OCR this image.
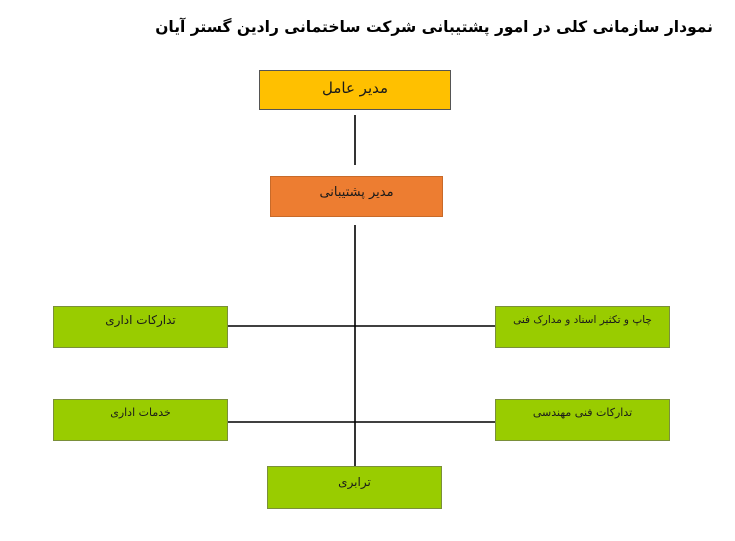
نمودار سازمانی کلی در امور پشتیبانی شرکت ساختمانی رادین گستر آیان
مدیر عامل
مدیر پشتیبانی
تدارکات اداری	چاپ و تکثیر اسناد و مدارک فنی
خدمات اداری	تدارکات فنی مهندسی
ترابری
